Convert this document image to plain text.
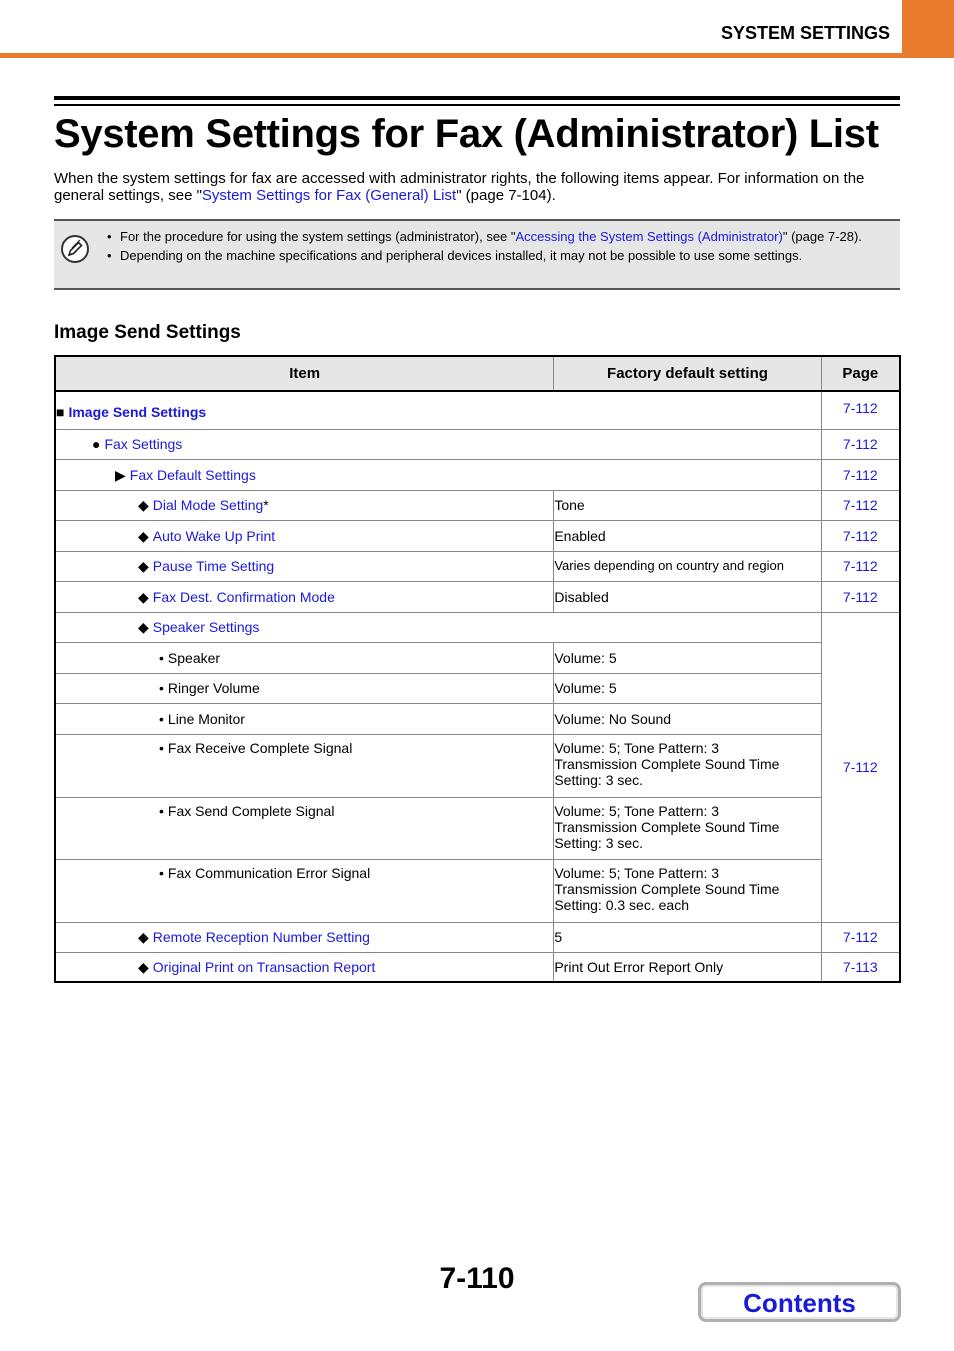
SYSTEM SETTINGS
System Settings for Fax (Administrator) List
When the system settings for fax are accessed with administrator rights, the following items appear. For information on the general settings, see "System Settings for Fax (General) List" (page 7-104).
• For the procedure for using the system settings (administrator), see "Accessing the System Settings (Administrator)" (page 7-28).
• Depending on the machine specifications and peripheral devices installed, it may not be possible to use some settings.
Image Send Settings
Item	Factory default setting	Page
■ Image Send Settings		7-112
● Fax Settings		7-112
▶ Fax Default Settings		7-112
◆ Dial Mode Setting*	Tone	7-112
◆ Auto Wake Up Print	Enabled	7-112
◆ Pause Time Setting	Varies depending on country and region	7-112
◆ Fax Dest. Confirmation Mode	Disabled	7-112
◆ Speaker Settings		7-112
• Speaker	Volume: 5	
• Ringer Volume	Volume: 5	
• Line Monitor	Volume: No Sound	
• Fax Receive Complete Signal	Volume: 5; Tone Pattern: 3
Transmission Complete Sound Time
Setting: 3 sec.	

• Fax Send Complete Signal	Volume: 5; Tone Pattern: 3
Transmission Complete Sound Time
Setting: 3 sec.	

• Fax Communication Error Signal	Volume: 5; Tone Pattern: 3
Transmission Complete Sound Time
Setting: 0.3 sec. each	

◆ Remote Reception Number Setting	5	7-112
◆ Original Print on Transaction Report	Print Out Error Report Only	7-113
7-110
Contents
